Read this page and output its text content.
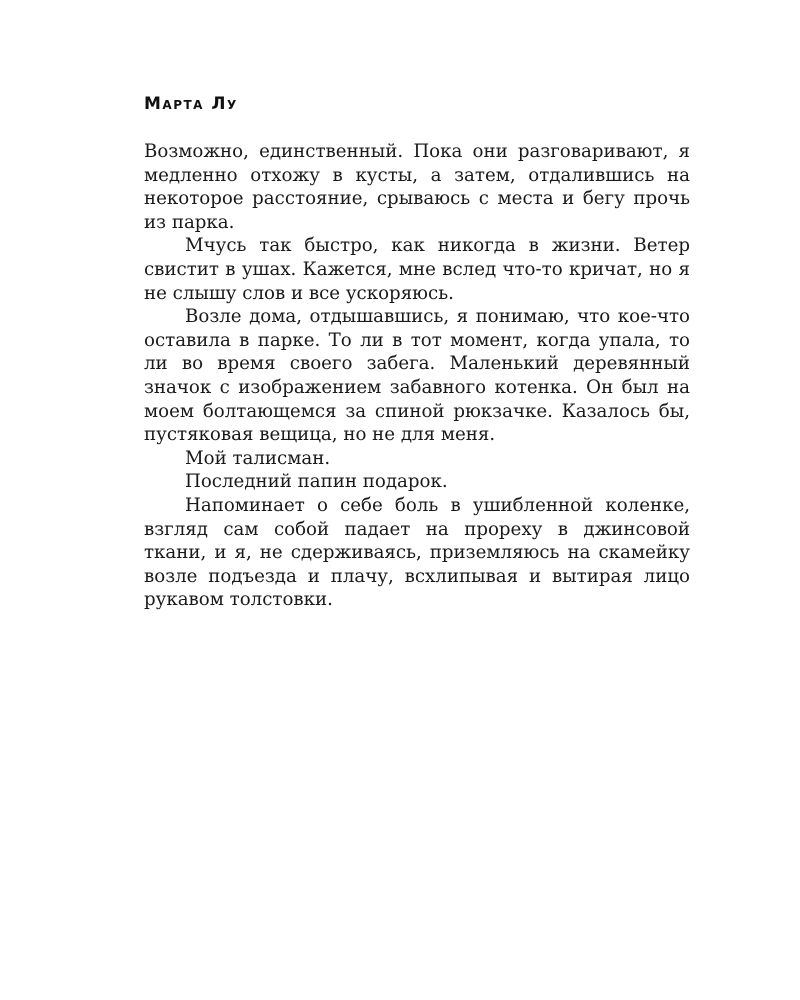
Марта Лу

Возможно, единственный. Пока они разговаривают, я медленно отхожу в кусты, а затем, отдалившись на некоторое расстояние, срываюсь с места и бегу прочь из парка.

Мчусь так быстро, как никогда в жизни. Ветер свистит в ушах. Кажется, мне вслед что-то кричат, но я не слышу слов и все ускоряюсь.

Возле дома, отдышавшись, я понимаю, что кое-что оставила в парке. То ли в тот момент, когда упала, то ли во время своего забега. Маленький деревянный значок с изображением забавного котенка. Он был на моем болтающемся за спиной рюкзачке. Казалось бы, пустяковая вещица, но не для меня.

Мой талисман.

Последний папин подарок.

Напоминает о себе боль в ушибленной коленке, взгляд сам собой падает на прореху в джинсовой ткани, и я, не сдерживаясь, приземляюсь на скамейку возле подъезда и плачу, всхлипывая и вытирая лицо рукавом толстовки.
